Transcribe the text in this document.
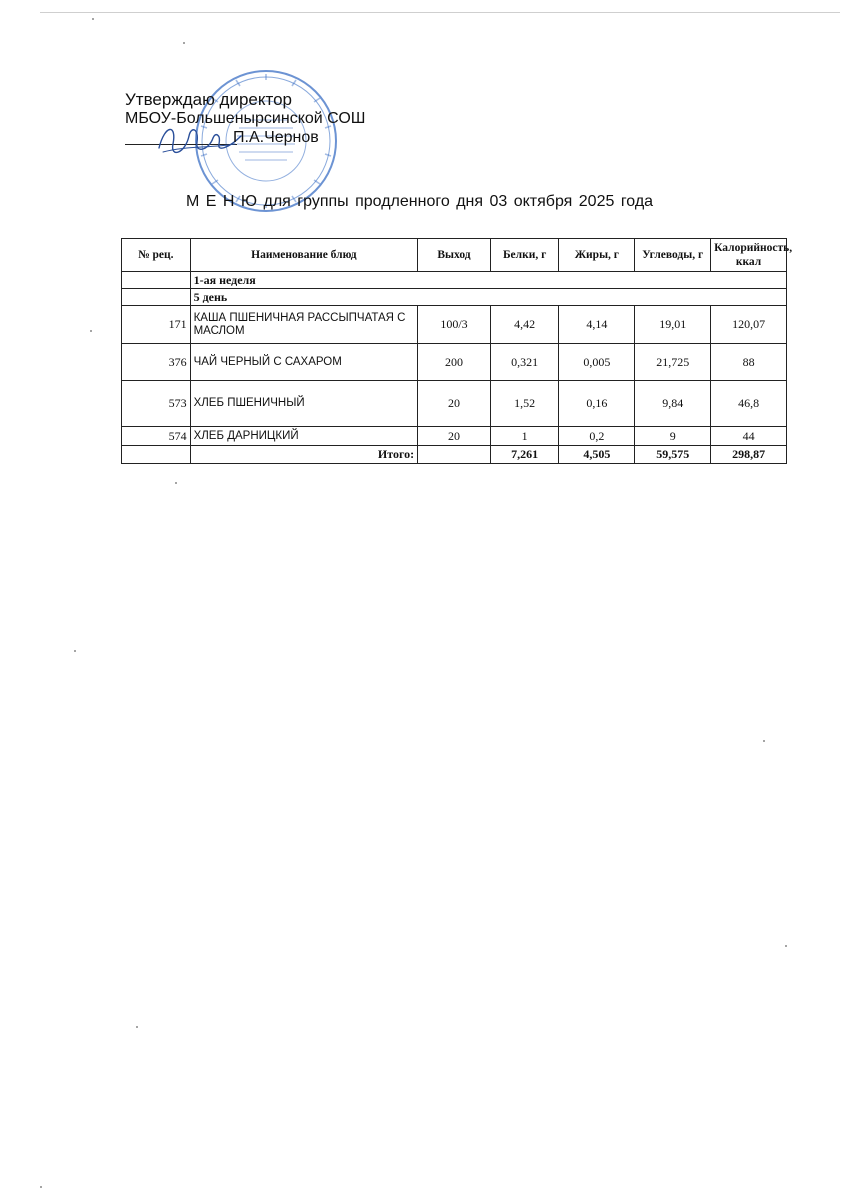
Утверждаю директор
МБОУ-Большенырсинской СОШ
П.А.Чернов
М Е Н Ю для группы продленного дня 03 октября 2025 года
№ рец.	Наименование блюд	Выход	Белки, г	Жиры, г	Углеводы, г	Калорийность, ккал
	1-ая неделя					
	5 день					
171	КАША ПШЕНИЧНАЯ РАССЫПЧАТАЯ С МАСЛОМ	100/3	4,42	4,14	19,01	120,07
376	ЧАЙ ЧЕРНЫЙ С САХАРОМ	200	0,321	0,005	21,725	88
573	ХЛЕБ ПШЕНИЧНЫЙ	20	1,52	0,16	9,84	46,8
574	ХЛЕБ ДАРНИЦКИЙ	20	1	0,2	9	44
	Итого:		7,261	4,505	59,575	298,87
